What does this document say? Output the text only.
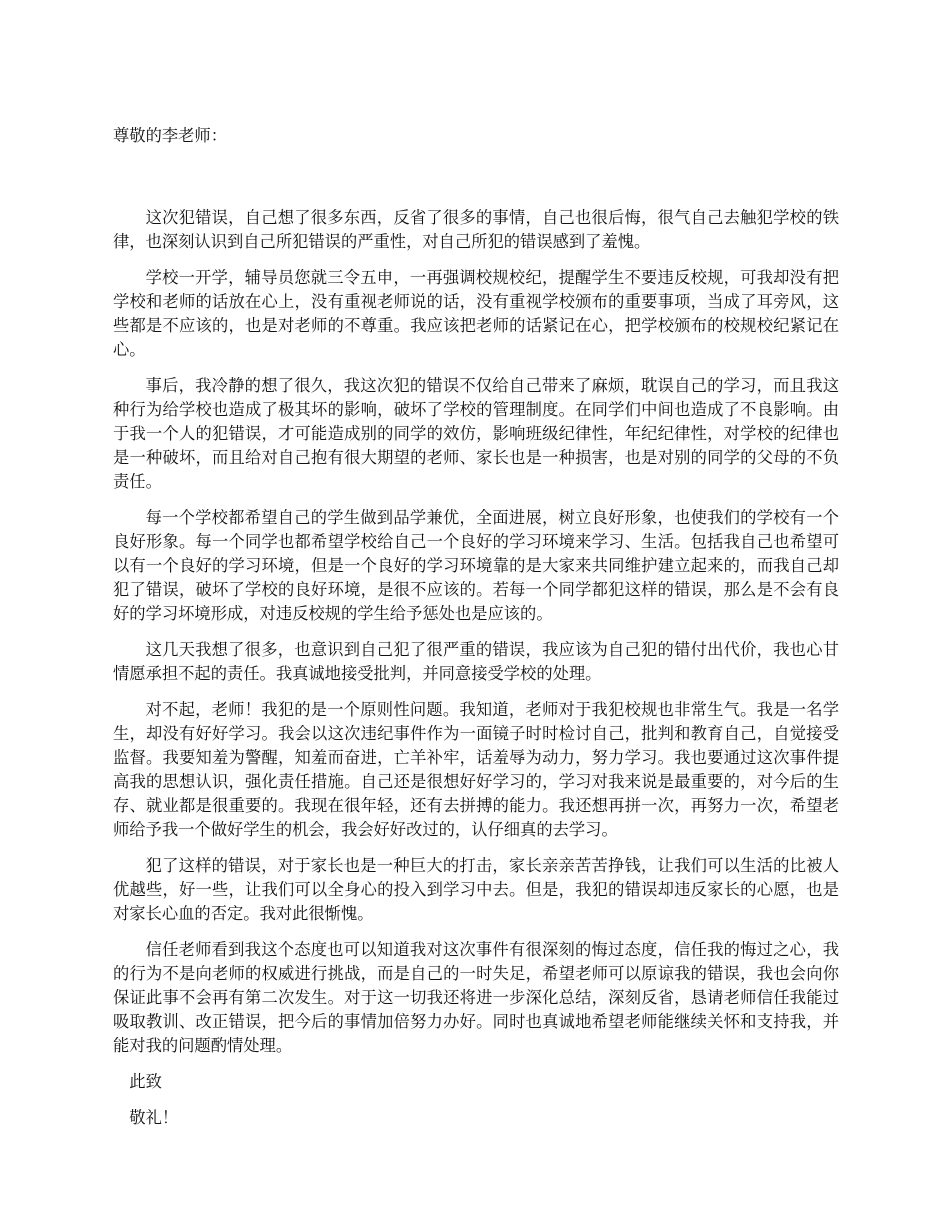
尊敬的李老师：

这次犯错误，自己想了很多东西，反省了很多的事情，自己也很后悔，很气自己去触犯学校的铁律，也深刻认识到自己所犯错误的严重性，对自己所犯的错误感到了羞愧。

学校一开学，辅导员您就三令五申，一再强调校规校纪，提醒学生不要违反校规，可我却没有把学校和老师的话放在心上，没有重视老师说的话，没有重视学校颁布的重要事项，当成了耳旁风，这些都是不应该的，也是对老师的不尊重。我应该把老师的话紧记在心，把学校颁布的校规校纪紧记在心。

事后，我冷静的想了很久，我这次犯的错误不仅给自己带来了麻烦，耽误自己的学习，而且我这种行为给学校也造成了极其坏的影响，破坏了学校的管理制度。在同学们中间也造成了不良影响。由于我一个人的犯错误，才可能造成别的同学的效仿，影响班级纪律性，年纪纪律性，对学校的纪律也是一种破坏，而且给对自己抱有很大期望的老师、家长也是一种损害，也是对别的同学的父母的不负责任。

每一个学校都希望自己的学生做到品学兼优，全面进展，树立良好形象，也使我们的学校有一个良好形象。每一个同学也都希望学校给自己一个良好的学习环境来学习、生活。包括我自己也希望可以有一个良好的学习环境，但是一个良好的学习环境靠的是大家来共同维护建立起来的，而我自己却犯了错误，破坏了学校的良好环境，是很不应该的。若每一个同学都犯这样的错误，那么是不会有良好的学习坏境形成，对违反校规的学生给予惩处也是应该的。

这几天我想了很多，也意识到自己犯了很严重的错误，我应该为自己犯的错付出代价，我也心甘情愿承担不起的责任。我真诚地接受批判，并同意接受学校的处理。

对不起，老师！我犯的是一个原则性问题。我知道，老师对于我犯校规也非常生气。我是一名学生，却没有好好学习。我会以这次违纪事件作为一面镜子时时检讨自己，批判和教育自己，自觉接受监督。我要知羞为警醒，知羞而奋进，亡羊补牢，话羞辱为动力，努力学习。我也要通过这次事件提高我的思想认识，强化责任措施。自己还是很想好好学习的，学习对我来说是最重要的，对今后的生存、就业都是很重要的。我现在很年轻，还有去拼搏的能力。我还想再拼一次，再努力一次，希望老师给予我一个做好学生的机会，我会好好改过的，认仔细真的去学习。

犯了这样的错误，对于家长也是一种巨大的打击，家长亲亲苦苦挣钱，让我们可以生活的比被人优越些，好一些，让我们可以全身心的投入到学习中去。但是，我犯的错误却违反家长的心愿，也是对家长心血的否定。我对此很惭愧。

信任老师看到我这个态度也可以知道我对这次事件有很深刻的悔过态度，信任我的悔过之心，我的行为不是向老师的权威进行挑战，而是自己的一时失足，希望老师可以原谅我的错误，我也会向你保证此事不会再有第二次发生。对于这一切我还将进一步深化总结，深刻反省，恳请老师信任我能过吸取教训、改正错误，把今后的事情加倍努力办好。同时也真诚地希望老师能继续关怀和支持我，并能对我的问题酌情处理。

此致
敬礼！
